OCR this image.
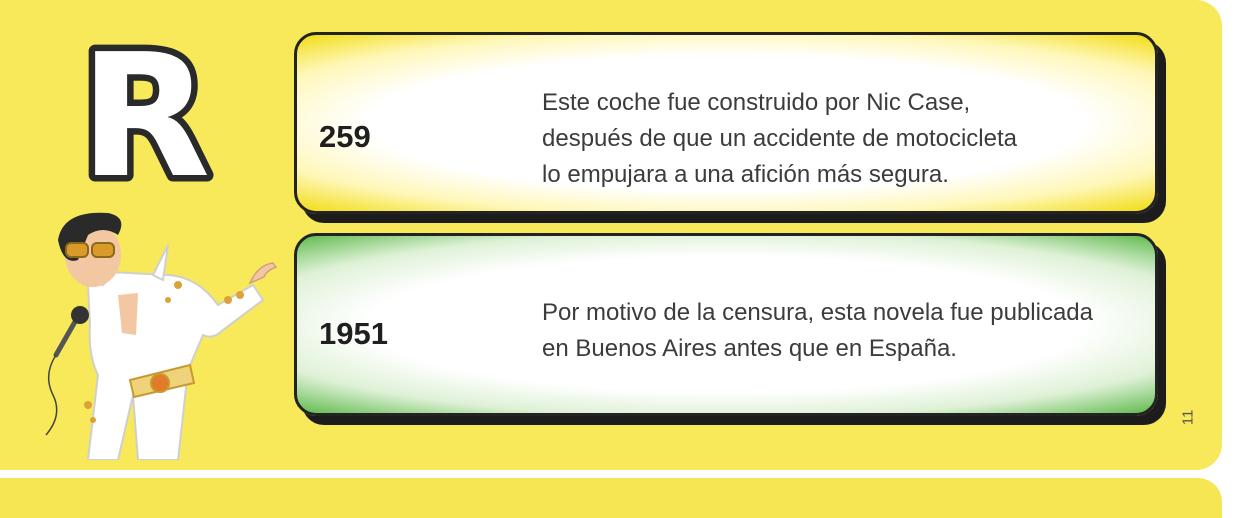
R	259
Este coche fue construido por Nic Case,
después de que un accidente de motocicleta
lo empujara a una afición más segura.
1951
Por motivo de la censura, esta novela fue publicada
en Buenos Aires antes que en España.
11
